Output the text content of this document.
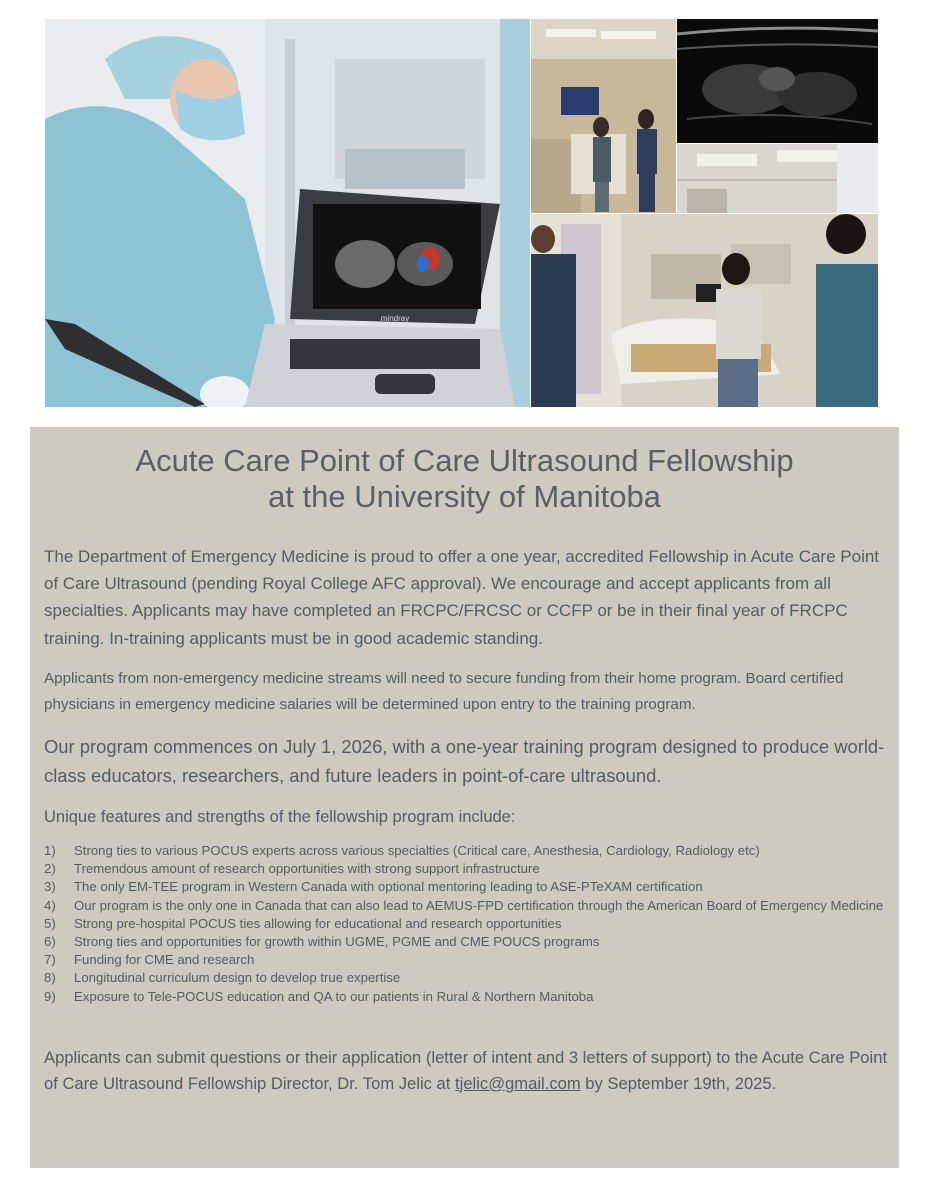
mindray
Acute Care Point of Care Ultrasound Fellowship
at the University of Manitoba

The Department of Emergency Medicine is proud to offer a one year, accredited Fellowship in Acute Care Point of Care Ultrasound (pending Royal College AFC approval). We encourage and accept applicants from all specialties. Applicants may have completed an FRCPC/FRCSC or CCFP or be in their final year of FRCPC training. In-training applicants must be in good academic standing.

Applicants from non-emergency medicine streams will need to secure funding from their home program. Board certified physicians in emergency medicine salaries will be determined upon entry to the training program.

Our program commences on July 1, 2026, with a one-year training program designed to produce world-class educators, researchers, and future leaders in point-of-care ultrasound.

Unique features and strengths of the fellowship program include:

1)	Strong ties to various POCUS experts across various specialties (Critical care, Anesthesia, Cardiology, Radiology etc)
2)	Tremendous amount of research opportunities with strong support infrastructure
3)	The only EM-TEE program in Western Canada with optional mentoring leading to ASE-PTeXAM certification
4)	Our program is the only one in Canada that can also lead to AEMUS-FPD certification through the American Board of Emergency Medicine
5)	Strong pre-hospital POCUS ties allowing for educational and research opportunities
6)	Strong ties and opportunities for growth within UGME, PGME and CME POUCS programs
7)	Funding for CME and research
8)	Longitudinal curriculum design to develop true expertise
9)	Exposure to Tele-POCUS education and QA to our patients in Rural & Northern Manitoba

Applicants can submit questions or their application (letter of intent and 3 letters of support) to the Acute Care Point of Care Ultrasound Fellowship Director, Dr. Tom Jelic at tjelic@gmail.com by September 19th, 2025.
